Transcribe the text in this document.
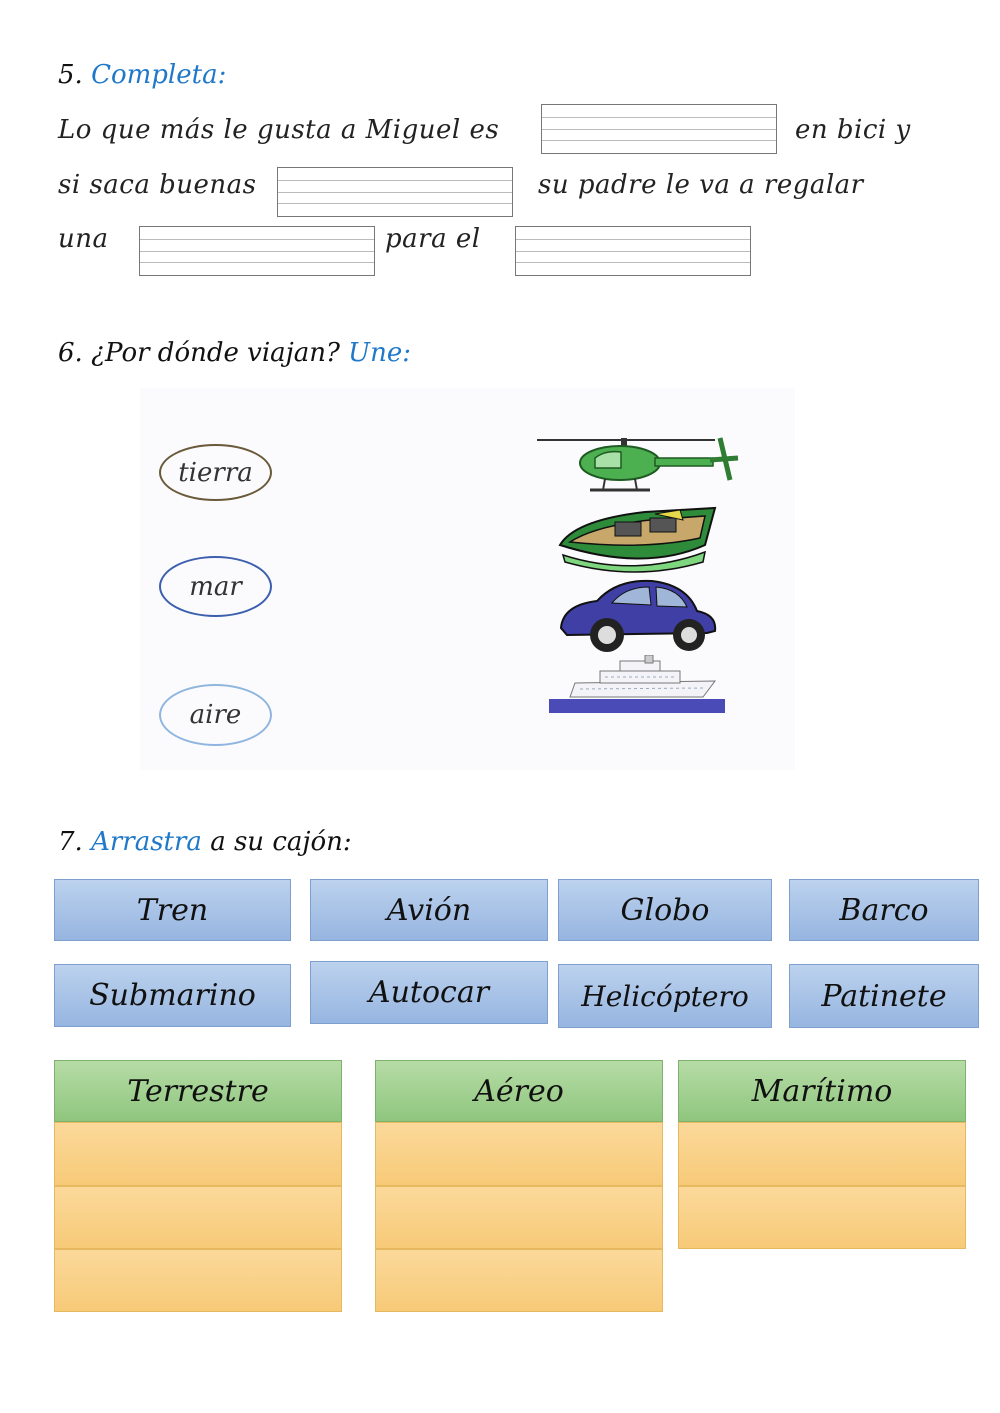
5. Completa:
Lo que más le gusta a Miguel es	en bici y
si saca buenas	su padre le va a regalar
una	para el
6. ¿Por dónde viajan? Une:
tierra
mar
aire
7. Arrastra a su cajón:
Tren	Avión	Globo	Barco
Submarino	Autocar	Helicóptero	Patinete
Terrestre	Aéreo	Marítimo
